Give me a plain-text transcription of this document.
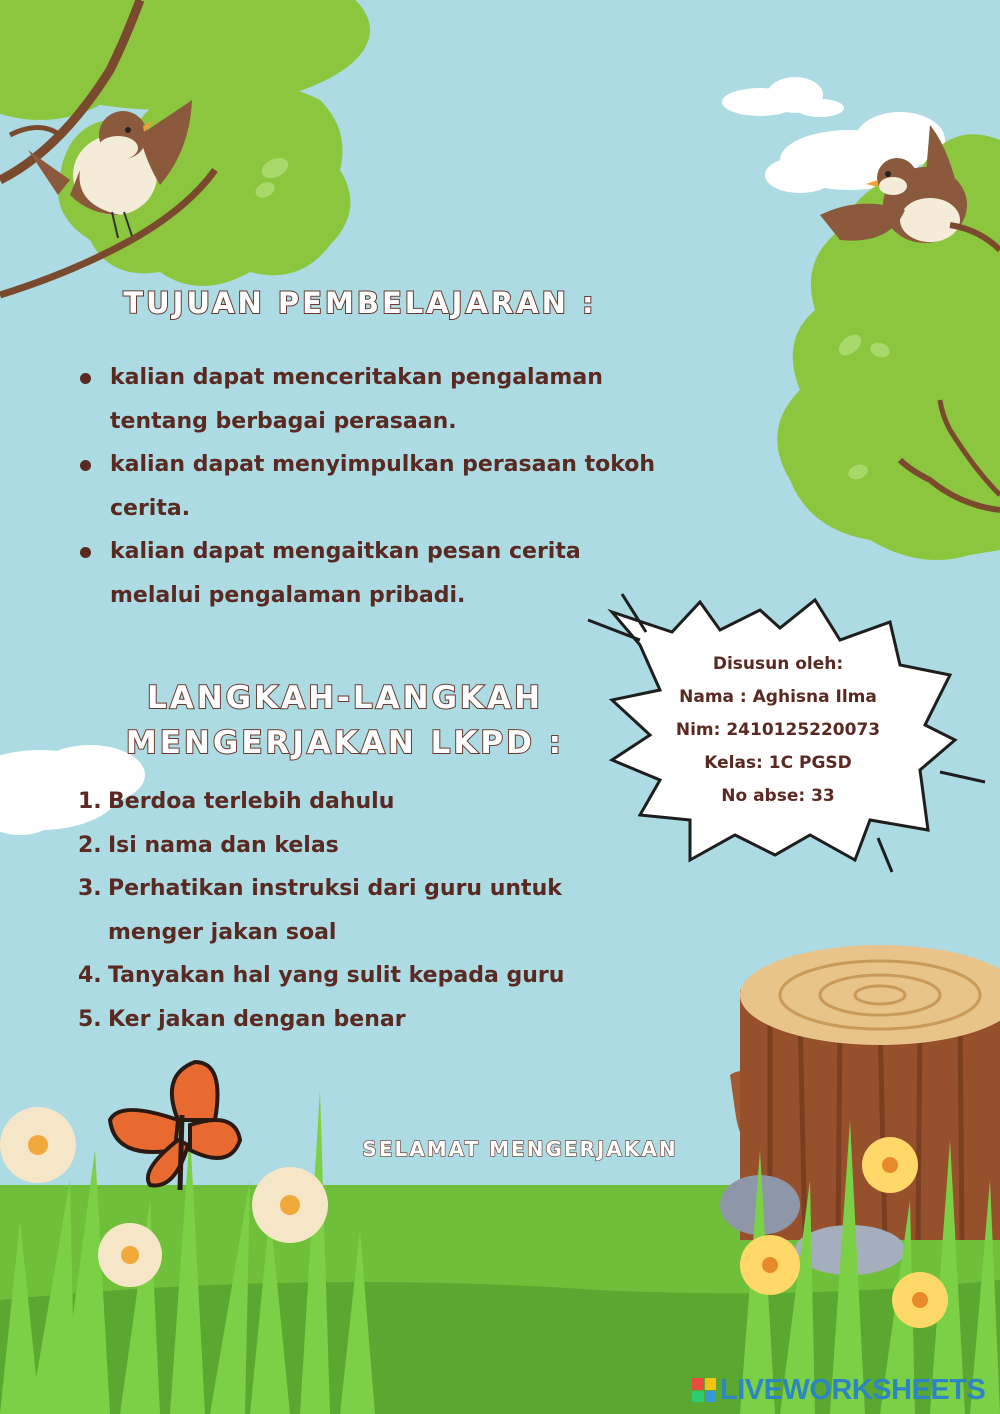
TUJUAN PEMBELAJARAN :
kalian dapat menceritakan pengalaman tentang berbagai perasaan.
kalian dapat menyimpulkan perasaan tokoh cerita.
kalian dapat mengaitkan pesan cerita melalui pengalaman pribadi.
LANGKAH-LANGKAH MENGERJAKAN LKPD :
1. Berdoa terlebih dahulu
2. Isi nama dan kelas
3. Perhatikan instruksi dari guru untuk menger jakan soal
4. Tanyakan hal yang sulit kepada guru
5. Ker jakan dengan benar
Disusun oleh:
Nama : Aghisna Ilma
Nim: 2410125220073
Kelas: 1C PGSD
No abse: 33
SELAMAT MENGERJAKAN
LIVEWORKSHEETS
